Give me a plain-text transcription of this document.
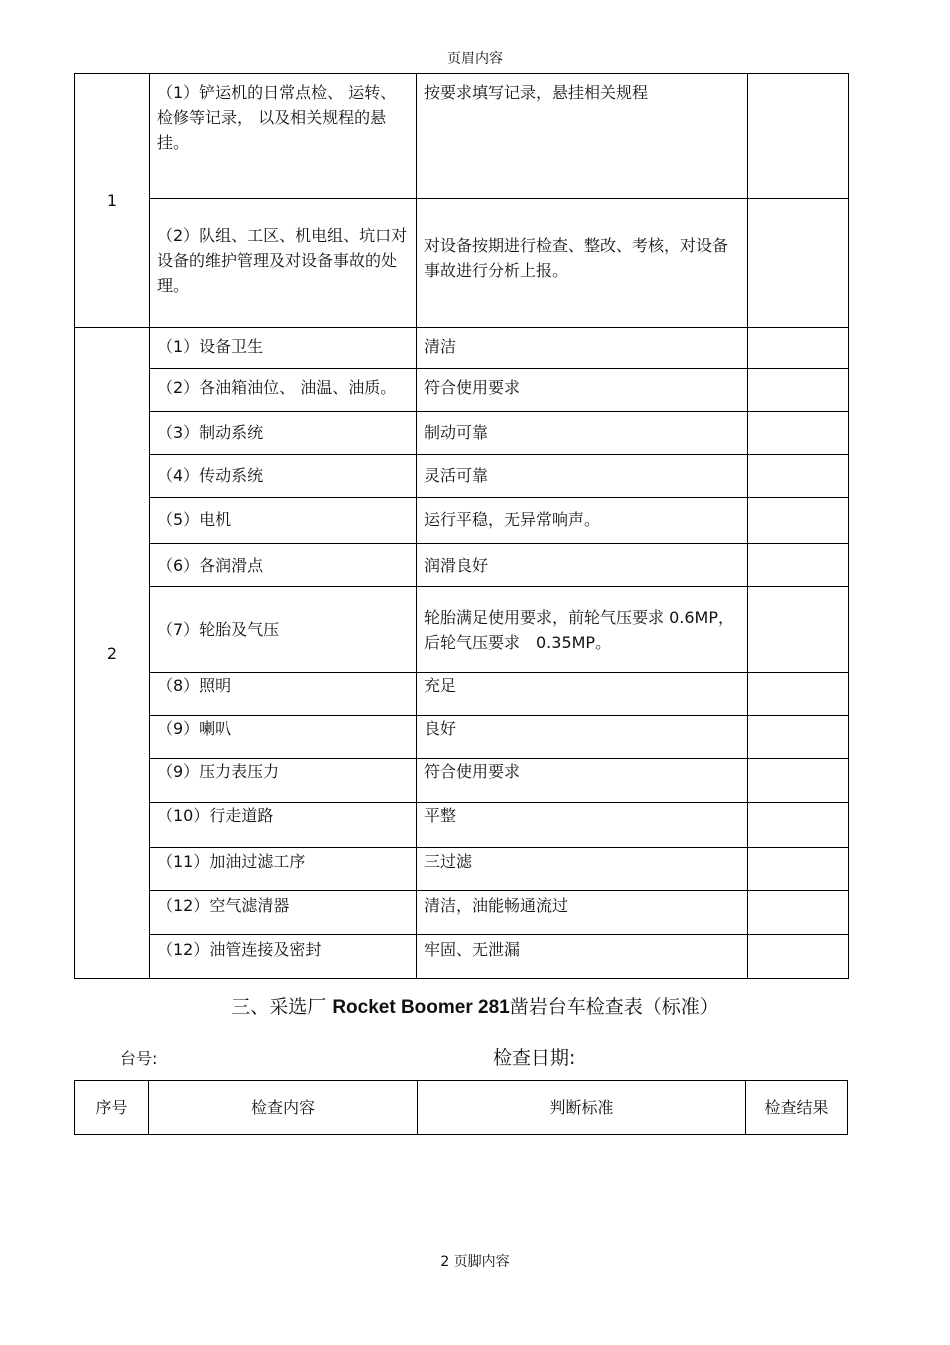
页眉内容
1	（1）铲运机的日常点检、 运转、检修等记录， 以及相关规程的悬挂。	按要求填写记录，悬挂相关规程	
	（2）队组、工区、机电组、坑口对设备的维护管理及对设备事故的处理。	对设备按期进行检查、整改、考核，对设备事故进行分析上报。	
2	（1）设备卫生	清洁	
	（2）各油箱油位、 油温、油质。	符合使用要求	
	（3）制动系统	制动可靠	
	（4）传动系统	灵活可靠	
	（5）电机	运行平稳，无异常响声。	
	（6）各润滑点	润滑良好	
	（7）轮胎及气压	轮胎满足使用要求，前轮气压要求 0.6MP，后轮气压要求　0.35MP。	
	（8）照明	充足	
	（9）喇叭	良好	
	（9）压力表压力	符合使用要求	
	（10）行走道路	平整	
	（11）加油过滤工序	三过滤	
	（12）空气滤清器	清洁，油能畅通流过	
	（12）油管连接及密封	牢固、无泄漏	
三、采选厂 Rocket Boomer 281凿岩台车检查表（标准）
台号:	检查日期:
序号	检查内容	判断标准	检查结果
2 页脚内容
